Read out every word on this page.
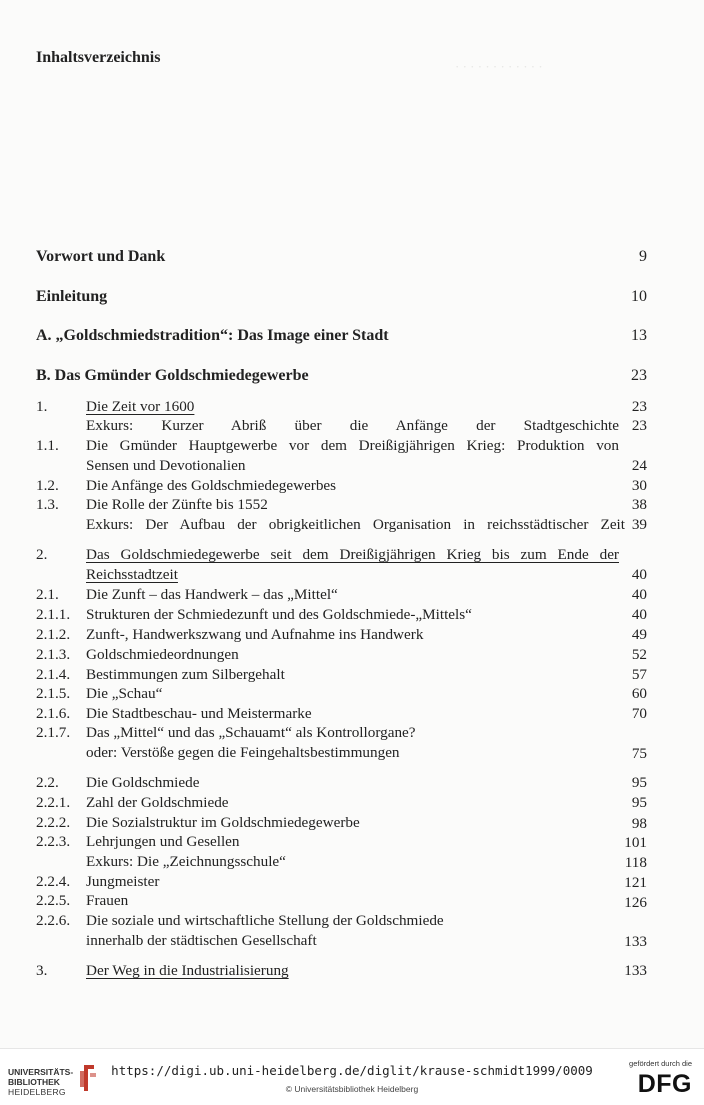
· · · · · · · · · · · ·
Inhaltsverzeichnis
Vorwort und Dank	9
Einleitung	10
A. „Goldschmiedstradition“: Das Image einer Stadt	13
B. Das Gmünder Goldschmiedegewerbe	23
1.	Die Zeit vor 1600	23
Exkurs: Kurzer Abriß über die Anfänge der Stadtgeschichte 23
1.1. Die Gmünder Hauptgewerbe vor dem Dreißigjährigen Krieg: Produktion von
Sensen und Devotionalien	24
1.2. Die Anfänge des Goldschmiedegewerbes	30
1.3. Die Rolle der Zünfte bis 1552	38
Exkurs: Der Aufbau der obrigkeitlichen Organisation in reichsstädtischer Zeit 39
2.	Das Goldschmiedegewerbe seit dem Dreißigjährigen Krieg bis zum Ende der
Reichsstadtzeit	40
2.1. Die Zunft – das Handwerk – das „Mittel“	40
2.1.1. Strukturen der Schmiedezunft und des Goldschmiede-„Mittels“	40
2.1.2. Zunft-, Handwerkszwang und Aufnahme ins Handwerk	49
2.1.3. Goldschmiedeordnungen	52
2.1.4. Bestimmungen zum Silbergehalt	57
2.1.5. Die „Schau“	60
2.1.6. Die Stadtbeschau- und Meistermarke	70
2.1.7. Das „Mittel“ und das „Schauamt“ als Kontrollorgane?
oder: Verstöße gegen die Feingehaltsbestimmungen	75
2.2. Die Goldschmiede	95
2.2.1. Zahl der Goldschmiede	95
2.2.2. Die Sozialstruktur im Goldschmiedegewerbe	98
2.2.3. Lehrjungen und Gesellen	101
Exkurs: Die „Zeichnungsschule“	118
2.2.4. Jungmeister	121
2.2.5. Frauen	126
2.2.6. Die soziale und wirtschaftliche Stellung der Goldschmiede
innerhalb der städtischen Gesellschaft	133
3.	Der Weg in die Industrialisierung	133
UNIVERSITÄTS-
BIBLIOTHEK
HEIDELBERG
https://digi.ub.uni-heidelberg.de/diglit/krause-schmidt1999/0009
© Universitätsbibliothek Heidelberg
gefördert durch die
DFG
